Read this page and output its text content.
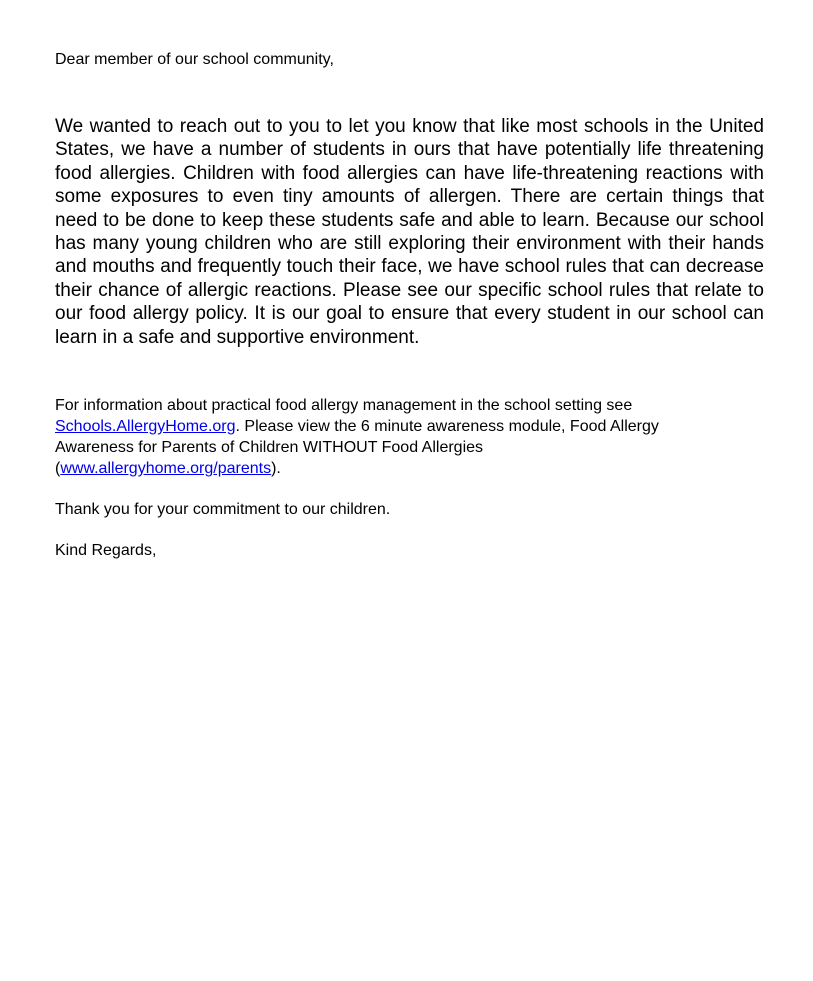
Dear member of our school community,

We wanted to reach out to you to let you know that like most schools in the United States, we have a number of students in ours that have potentially life threatening food allergies. Children with food allergies can have life-threatening reactions with some exposures to even tiny amounts of allergen. There are certain things that need to be done to keep these students safe and able to learn. Because our school has many young children who are still exploring their environment with their hands and mouths and frequently touch their face, we have school rules that can decrease their chance of allergic reactions. Please see our specific school rules that relate to our food allergy policy. It is our goal to ensure that every student in our school can learn in a safe and supportive environment.

For information about practical food allergy management in the school setting see
Schools.AllergyHome.org. Please view the 6 minute awareness module, Food Allergy
Awareness for Parents of Children WITHOUT Food Allergies
(www.allergyhome.org/parents).

Thank you for your commitment to our children.
Kind Regards,
